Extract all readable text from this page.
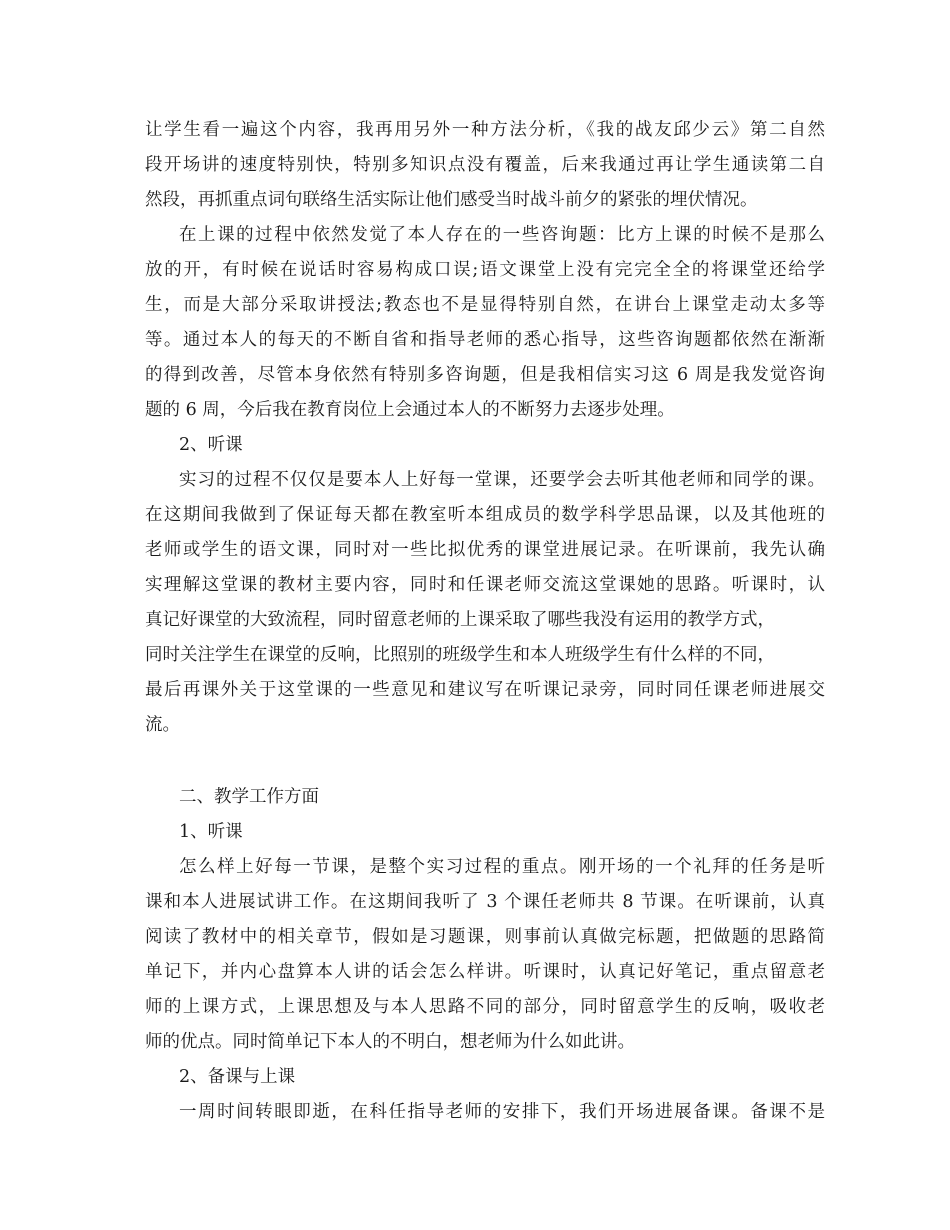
让学生看一遍这个内容，我再用另外一种方法分析，《我的战友邱少云》第二自然
段开场讲的速度特别快，特别多知识点没有覆盖，后来我通过再让学生通读第二自
然段，再抓重点词句联络生活实际让他们感受当时战斗前夕的紧张的埋伏情况。
在上课的过程中依然发觉了本人存在的一些咨询题：比方上课的时候不是那么
放的开，有时候在说话时容易构成口误;语文课堂上没有完完全全的将课堂还给学
生，而是大部分采取讲授法;教态也不是显得特别自然，在讲台上课堂走动太多等
等。通过本人的每天的不断自省和指导老师的悉心指导，这些咨询题都依然在渐渐
的得到改善，尽管本身依然有特别多咨询题，但是我相信实习这 6 周是我发觉咨询
题的 6 周，今后我在教育岗位上会通过本人的不断努力去逐步处理。
2、听课
实习的过程不仅仅是要本人上好每一堂课，还要学会去听其他老师和同学的课。
在这期间我做到了保证每天都在教室听本组成员的数学科学思品课，以及其他班的
老师或学生的语文课，同时对一些比拟优秀的课堂进展记录。在听课前，我先认确
实理解这堂课的教材主要内容，同时和任课老师交流这堂课她的思路。听课时，认
真记好课堂的大致流程，同时留意老师的上课采取了哪些我没有运用的教学方式，
同时关注学生在课堂的反响，比照别的班级学生和本人班级学生有什么样的不同，
最后再课外关于这堂课的一些意见和建议写在听课记录旁，同时同任课老师进展交
流。
二、教学工作方面
1、听课
怎么样上好每一节课，是整个实习过程的重点。刚开场的一个礼拜的任务是听
课和本人进展试讲工作。在这期间我听了 3 个课任老师共 8 节课。在听课前，认真
阅读了教材中的相关章节，假如是习题课，则事前认真做完标题，把做题的思路简
单记下，并内心盘算本人讲的话会怎么样讲。听课时，认真记好笔记，重点留意老
师的上课方式，上课思想及与本人思路不同的部分，同时留意学生的反响，吸收老
师的优点。同时简单记下本人的不明白，想老师为什么如此讲。
2、备课与上课
一周时间转眼即逝，在科任指导老师的安排下，我们开场进展备课。备课不是
